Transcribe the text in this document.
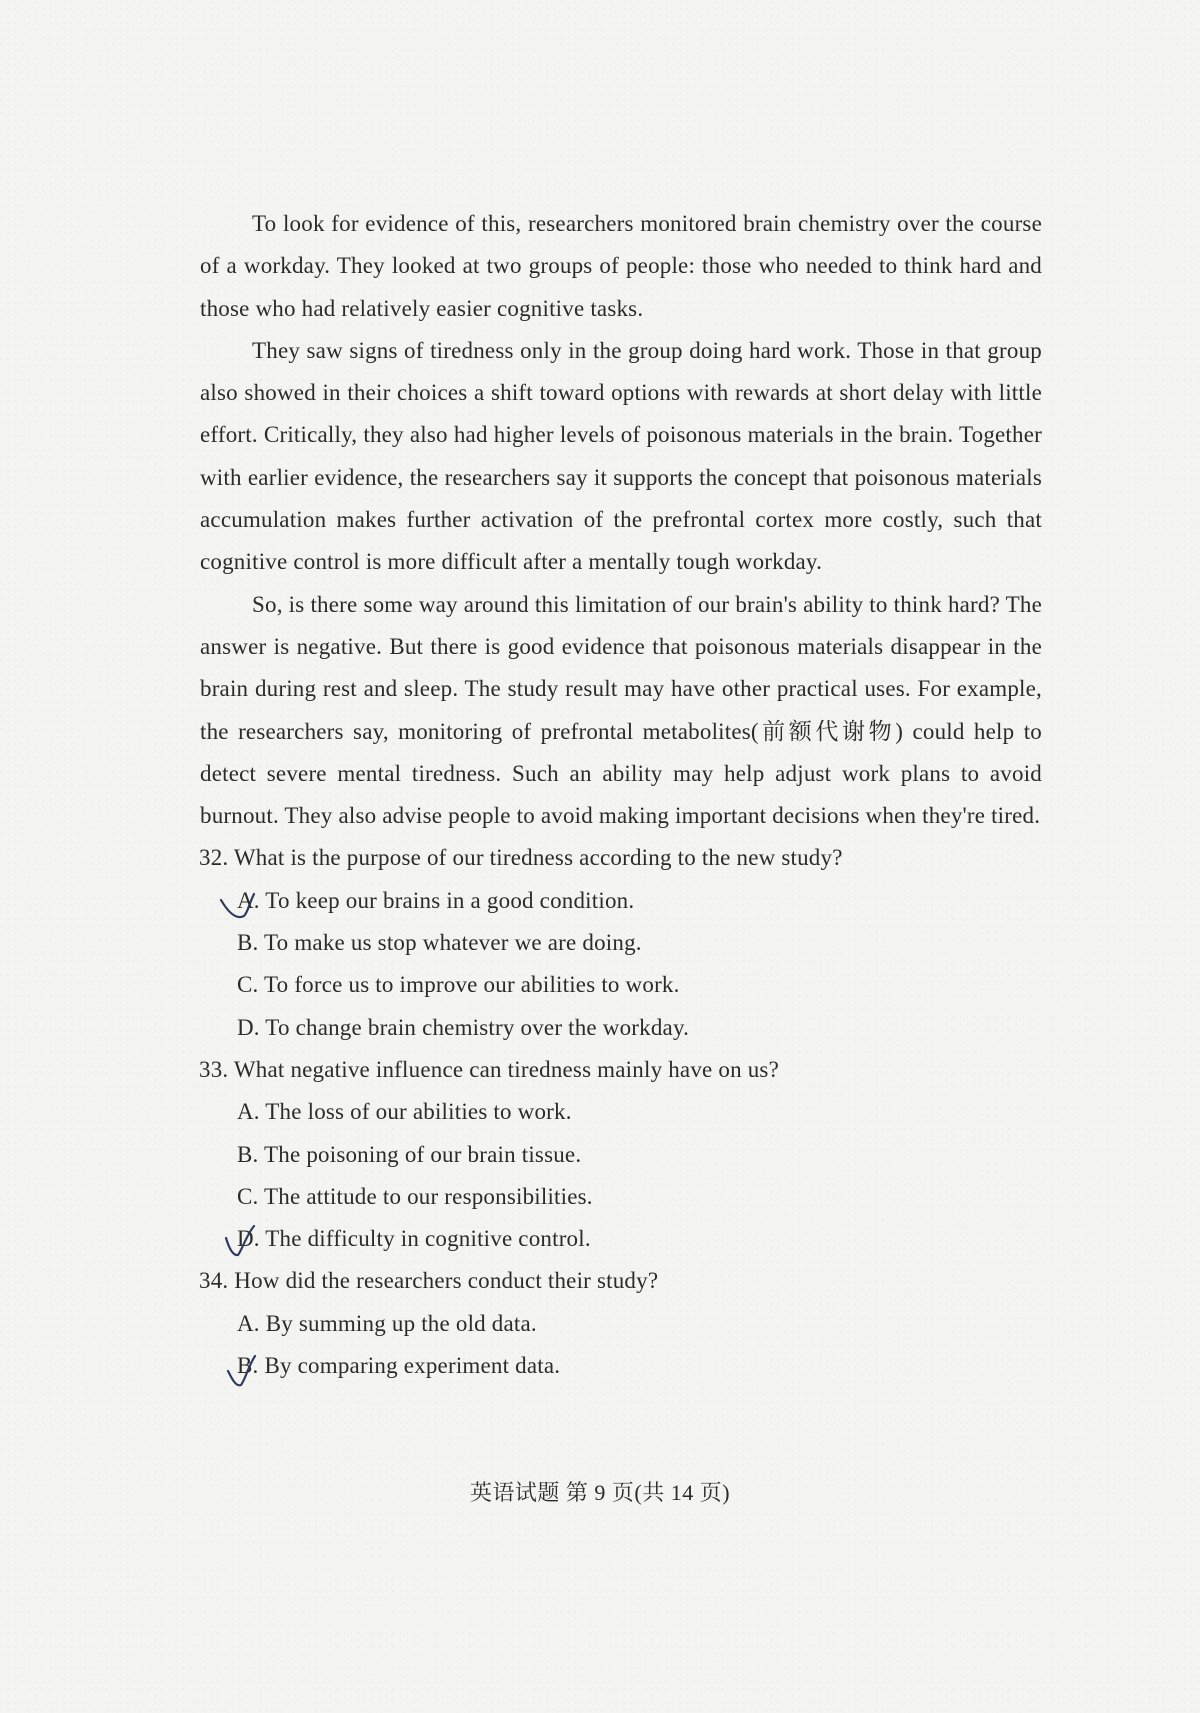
To look for evidence of this, researchers monitored brain chemistry over the course of a workday. They looked at two groups of people: those who needed to think hard and those who had relatively easier cognitive tasks.

They saw signs of tiredness only in the group doing hard work. Those in that group also showed in their choices a shift toward options with rewards at short delay with little effort. Critically, they also had higher levels of poisonous materials in the brain. Together with earlier evidence, the researchers say it supports the concept that poisonous materials accumulation makes further activation of the prefrontal cortex more costly, such that cognitive control is more difficult after a mentally tough workday.

So, is there some way around this limitation of our brain's ability to think hard? The answer is negative. But there is good evidence that poisonous materials disappear in the brain during rest and sleep. The study result may have other practical uses. For example, the researchers say, monitoring of prefrontal metabolites(前额代谢物) could help to detect severe mental tiredness. Such an ability may help adjust work plans to avoid burnout. They also advise people to avoid making important decisions when they're tired.

32. What is the purpose of our tiredness according to the new study?

A. To keep our brains in a good condition.

B. To make us stop whatever we are doing.

C. To force us to improve our abilities to work.

D. To change brain chemistry over the workday.

33. What negative influence can tiredness mainly have on us?

A. The loss of our abilities to work.

B. The poisoning of our brain tissue.

C. The attitude to our responsibilities.

D. The difficulty in cognitive control.

34. How did the researchers conduct their study?

A. By summing up the old data.

B. By comparing experiment data.

英语试题 第 9 页(共 14 页)
